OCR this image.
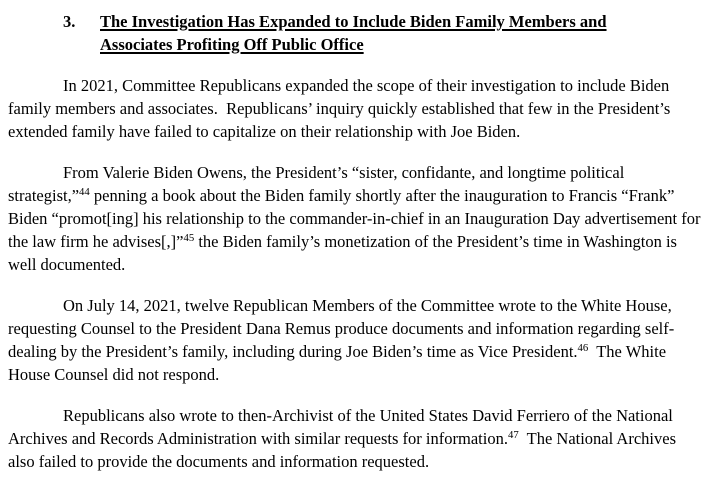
3.	The Investigation Has Expanded to Include Biden Family Members and
Associates Profiting Off Public Office

In 2021, Committee Republicans expanded the scope of their investigation to include Biden family members and associates.  Republicans’ inquiry quickly established that few in the President’s extended family have failed to capitalize on their relationship with Joe Biden.

From Valerie Biden Owens, the President’s “sister, confidante, and longtime political strategist,”$^{44}$ penning a book about the Biden family shortly after the inauguration to Francis “Frank” Biden “promot[ing] his relationship to the commander-in-chief in an Inauguration Day advertisement for the law firm he advises[,]”$^{45}$ the Biden family’s monetization of the President’s time in Washington is well documented.

On July 14, 2021, twelve Republican Members of the Committee wrote to the White House, requesting Counsel to the President Dana Remus produce documents and information regarding self-dealing by the President’s family, including during Joe Biden’s time as Vice President.$^{46}$  The White House Counsel did not respond.

Republicans also wrote to then-Archivist of the United States David Ferriero of the National Archives and Records Administration with similar requests for information.$^{47}$  The National Archives also failed to provide the documents and information requested.
